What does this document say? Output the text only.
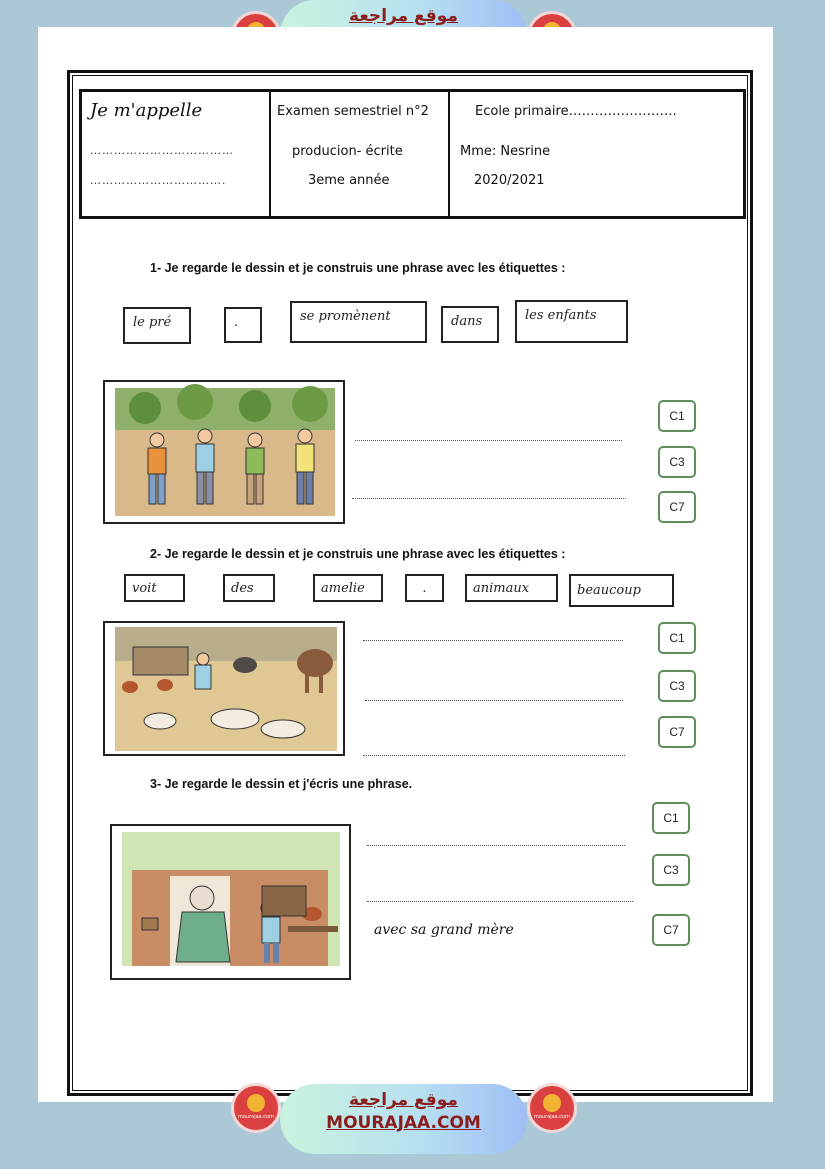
موقع مراجعة
Je m'appelle
………………………………
…………………………….
Examen semestriel n°2
producion- écrite
3eme année
Ecole primaire…………………….
Mme: Nesrine
2020/2021
1- Je regarde le dessin et je construis une phrase avec les étiquettes :
le pré	.	se promènent	dans	les enfants
C1
C3
C7
2- Je regarde le dessin et je construis une phrase avec les étiquettes :
voit	des	amelie	.	animaux	beaucoup
C1
C3
C7
3- Je regarde le dessin et j'écris une phrase.
avec sa grand mère
C1
C3
C7
mourajaa.com
موقع مراجعة
MOURAJAA.COM	mourajaa.com
